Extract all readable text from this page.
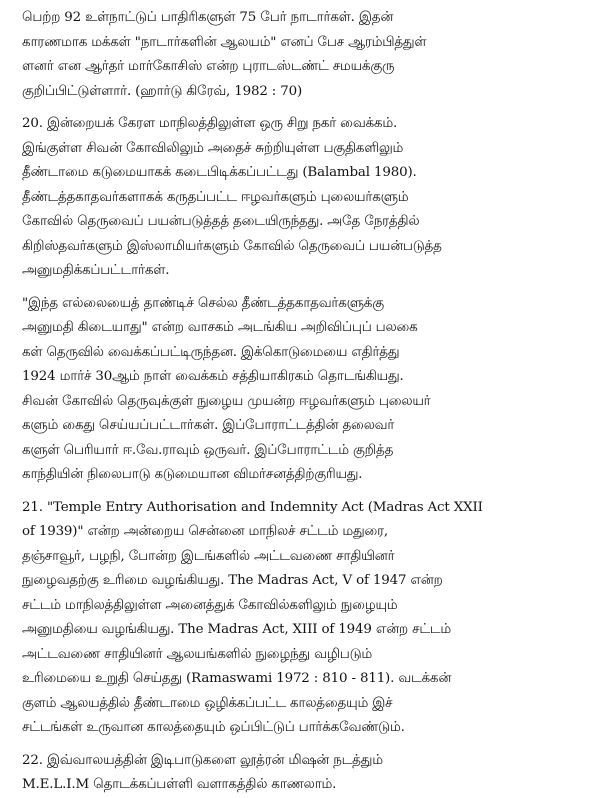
பெற்ற 92 உள்நாட்டுப் பாதிரிகளுள் 75 பேர் நாடார்கள். இதன்
காரணமாக மக்கள் "நாடார்களின் ஆலயம்" எனப் பேச ஆரம்பித்துள்
ளனர் என ஆர்தர் மார்கோசிஸ் என்ற புராடஸ்டண்ட் சமயக்குரு
குறிப்பிட்டுள்ளார். (ஹார்டு கிரேவ், 1982 : 70)
20. இன்றையக் கேரள மாநிலத்திலுள்ள ஒரு சிறு நகர் வைக்கம்.
இங்குள்ள சிவன் கோவிலிலும் அதைச் சுற்றியுள்ள பகுதிகளிலும்
தீண்டாமை கடுமையாகக் கடைபிடிக்கப்பட்டது (Balambal 1980).
தீண்டத்தகாதவர்களாகக் கருதப்பட்ட ஈழவர்களும் புலையர்களும்
கோவில் தெருவைப் பயன்படுத்தத் தடையிருந்தது. அதே நேரத்தில்
கிறிஸ்தவர்களும் இஸ்லாமியர்களும் கோவில் தெருவைப் பயன்படுத்த
அனுமதிக்கப்பட்டார்கள்.
"இந்த எல்லையைத் தாண்டிச் செல்ல தீண்டத்தகாதவர்களுக்கு
அனுமதி கிடையாது" என்ற வாசகம் அடங்கிய அறிவிப்புப் பலகை
கள் தெருவில் வைக்கப்பட்டிருந்தன. இக்கொடுமையை எதிர்த்து
1924 மார்ச் 30ஆம் நாள் வைக்கம் சத்தியாகிரகம் தொடங்கியது.
சிவன் கோவில் தெருவுக்குள் நுழைய முயன்ற ஈழவர்களும் புலையர்
களும் கைது செய்யப்பட்டார்கள். இப்போராட்டத்தின் தலைவர்
களுள் பெரியார் ஈ.வே.ராவும் ஒருவர். இப்போராட்டம் குறித்த
காந்தியின் நிலைபாடு கடுமையான விமர்சனத்திற்குரியது.
21. "Temple Entry Authorisation and Indemnity Act (Madras Act XXII
of 1939)" என்ற அன்றைய சென்னை மாநிலச் சட்டம் மதுரை,
தஞ்சாவூர், பழநி, போன்ற இடங்களில் அட்டவணை சாதியினர்
நுழைவதற்கு உரிமை வழங்கியது. The Madras Act, V of 1947 என்ற
சட்டம் மாநிலத்திலுள்ள அனைத்துக் கோவில்களிலும் நுழையும்
அனுமதியை வழங்கியது. The Madras Act, XIII of 1949 என்ற சட்டம்
அட்டவணை சாதியினர் ஆலயங்களில் நுழைந்து வழிபடும்
உரிமையை உறுதி செய்தது (Ramaswami 1972 : 810 - 811). வடக்கன்
குளம் ஆலயத்தில் தீண்டாமை ஒழிக்கப்பட்ட காலத்தையும் இச்
சட்டங்கள் உருவான காலத்தையும் ஒப்பிட்டுப் பார்க்கவேண்டும்.
22. இவ்வாலயத்தின் இடிபாடுகளை லூத்ரன் மிஷன் நடத்தும்
M.E.L.I.M தொடக்கப்பள்ளி வளாகத்தில் காணலாம்.
